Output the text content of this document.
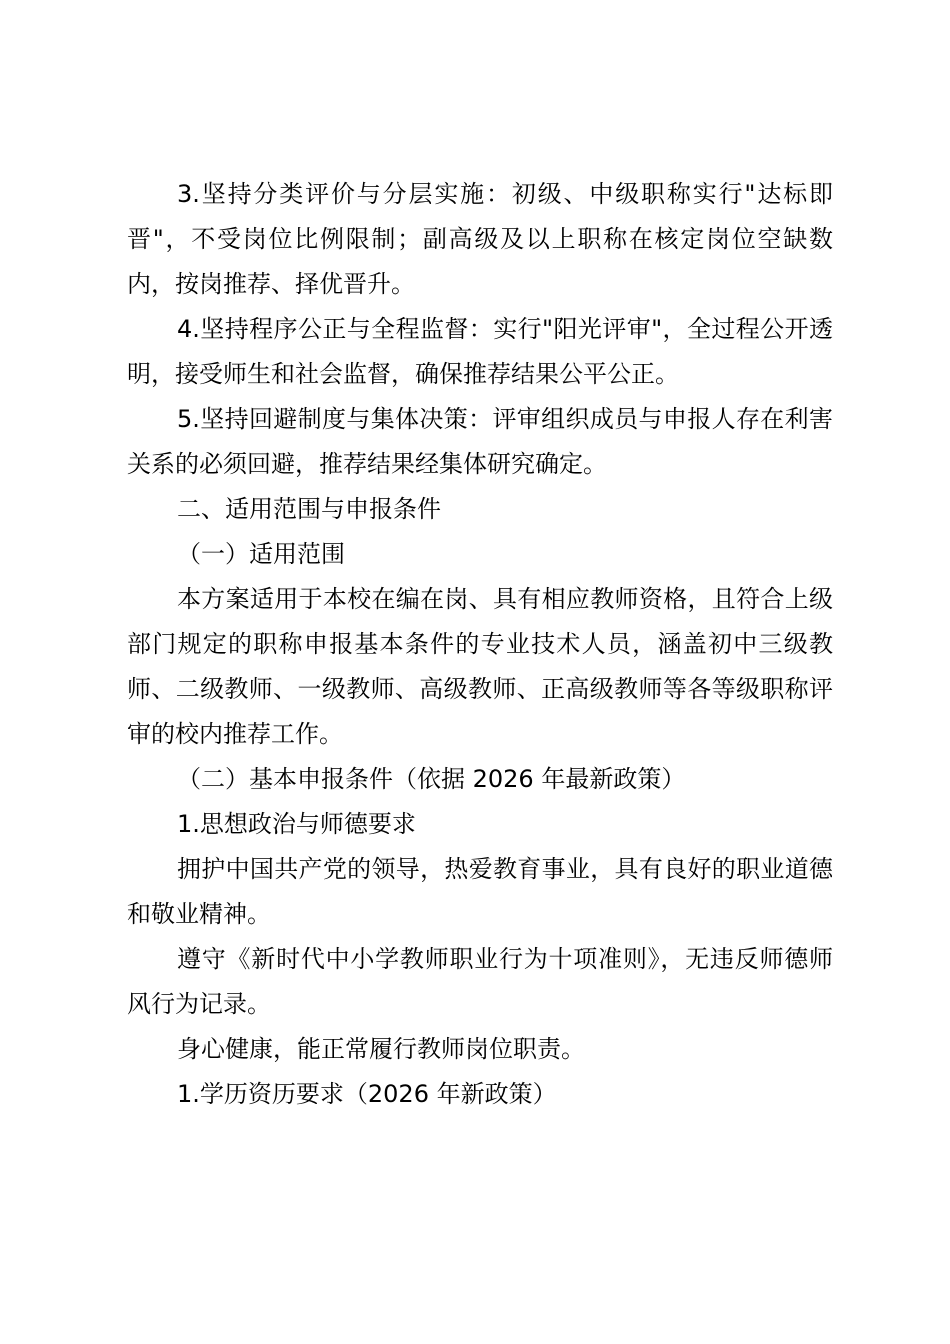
3.坚持分类评价与分层实施：初级、中级职称实行"达标即晋"，不受岗位比例限制；副高级及以上职称在核定岗位空缺数内，按岗推荐、择优晋升。

4.坚持程序公正与全程监督：实行"阳光评审"，全过程公开透明，接受师生和社会监督，确保推荐结果公平公正。

5.坚持回避制度与集体决策：评审组织成员与申报人存在利害关系的必须回避，推荐结果经集体研究确定。

二、适用范围与申报条件

（一）适用范围

本方案适用于本校在编在岗、具有相应教师资格，且符合上级部门规定的职称申报基本条件的专业技术人员，涵盖初中三级教师、二级教师、一级教师、高级教师、正高级教师等各等级职称评审的校内推荐工作。

（二）基本申报条件（依据 2026 年最新政策）

1.思想政治与师德要求

拥护中国共产党的领导，热爱教育事业，具有良好的职业道德和敬业精神。

遵守《新时代中小学教师职业行为十项准则》，无违反师德师风行为记录。

身心健康，能正常履行教师岗位职责。

1.学历资历要求（2026 年新政策）
